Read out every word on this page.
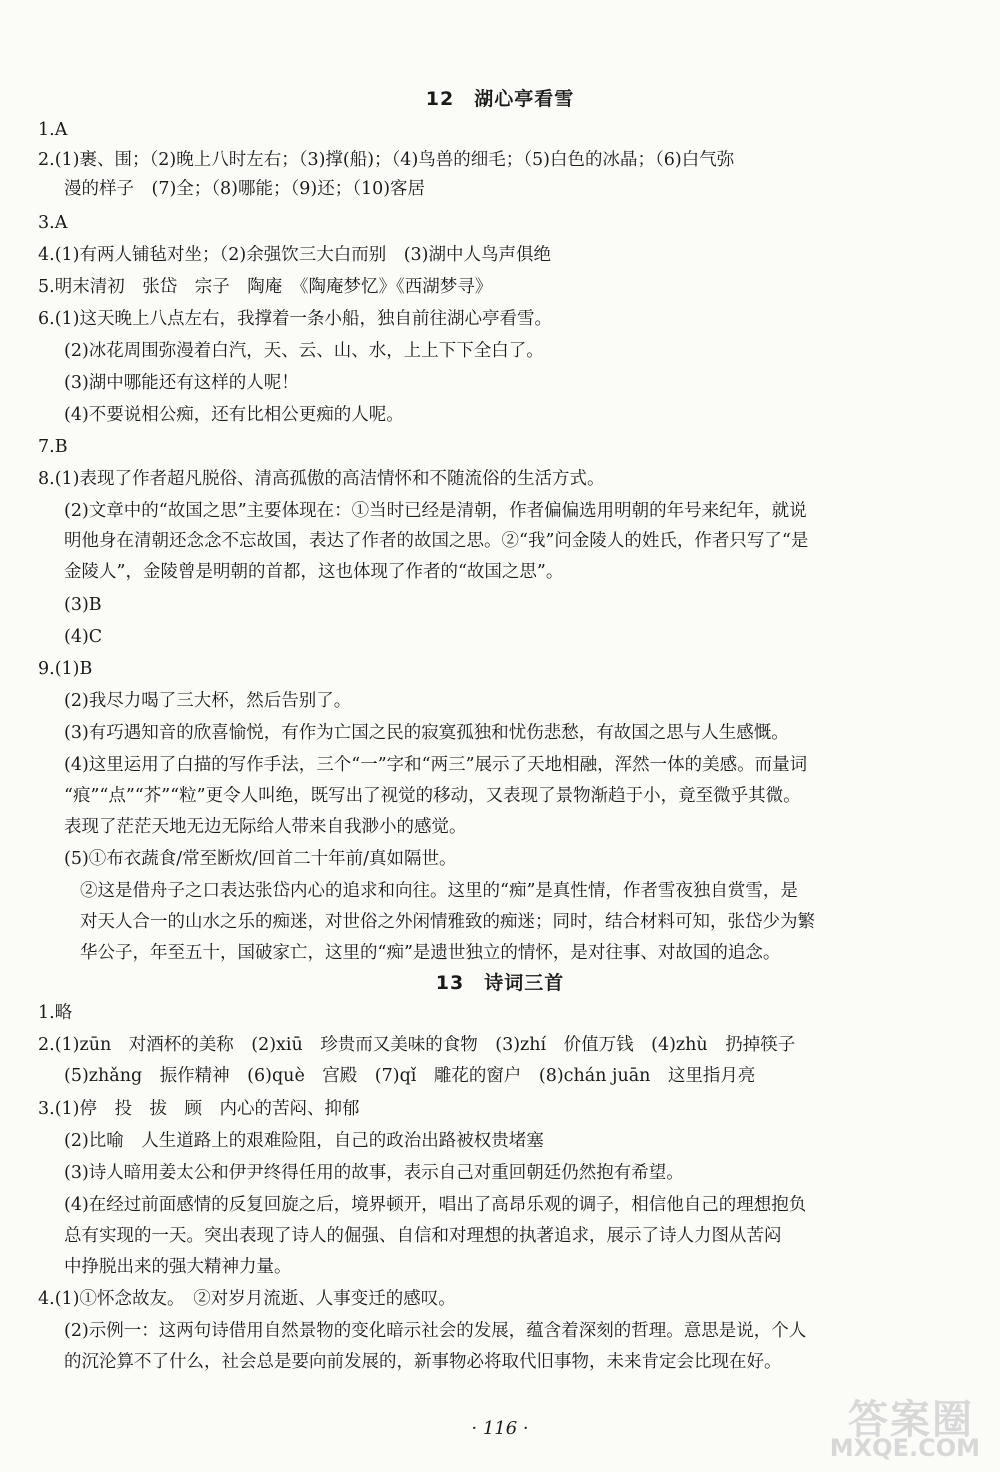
12　湖心亭看雪
1.A
2.(1)裹、围；（2)晚上八时左右；（3)撑(船)；（4)鸟兽的细毛；（5)白色的冰晶；（6)白气弥
漫的样子　(7)全；（8)哪能；（9)还；（10)客居
3.A
4.(1)有两人铺毡对坐；（2)余强饮三大白而别　(3)湖中人鸟声俱绝
5.明末清初　张岱　宗子　陶庵　《陶庵梦忆》《西湖梦寻》
6.(1)这天晚上八点左右，我撑着一条小船，独自前往湖心亭看雪。
(2)冰花周围弥漫着白汽，天、云、山、水，上上下下全白了。
(3)湖中哪能还有这样的人呢！
(4)不要说相公痴，还有比相公更痴的人呢。
7.B
8.(1)表现了作者超凡脱俗、清高孤傲的高洁情怀和不随流俗的生活方式。
(2)文章中的“故国之思”主要体现在：①当时已经是清朝，作者偏偏选用明朝的年号来纪年，就说
明他身在清朝还念念不忘故国，表达了作者的故国之思。②“我”问金陵人的姓氏，作者只写了“是
金陵人”，金陵曾是明朝的首都，这也体现了作者的“故国之思”。
(3)B
(4)C
9.(1)B
(2)我尽力喝了三大杯，然后告别了。
(3)有巧遇知音的欣喜愉悦，有作为亡国之民的寂寞孤独和忧伤悲愁，有故国之思与人生感慨。
(4)这里运用了白描的写作手法，三个“一”字和“两三”展示了天地相融，浑然一体的美感。而量词
“痕”“点”“芥”“粒”更令人叫绝，既写出了视觉的移动，又表现了景物渐趋于小，竟至微乎其微。
表现了茫茫天地无边无际给人带来自我渺小的感觉。
(5)①布衣蔬食/常至断炊/回首二十年前/真如隔世。
②这是借舟子之口表达张岱内心的追求和向往。这里的“痴”是真性情，作者雪夜独自赏雪，是
对天人合一的山水之乐的痴迷，对世俗之外闲情雅致的痴迷；同时，结合材料可知，张岱少为繁
华公子，年至五十，国破家亡，这里的“痴”是遗世独立的情怀，是对往事、对故国的追念。
13　诗词三首
1.略
2.(1)zūn　对酒杯的美称　(2)xiū　珍贵而又美味的食物　(3)zhí　价值万钱　(4)zhù　扔掉筷子
(5)zhǎng　振作精神　(6)què　宫殿　(7)qǐ　雕花的窗户　(8)chán juān　这里指月亮
3.(1)停　投　拔　顾　内心的苦闷、抑郁
(2)比喻　人生道路上的艰难险阻，自己的政治出路被权贵堵塞
(3)诗人暗用姜太公和伊尹终得任用的故事，表示自己对重回朝廷仍然抱有希望。
(4)在经过前面感情的反复回旋之后，境界顿开，唱出了高昂乐观的调子，相信他自己的理想抱负
总有实现的一天。突出表现了诗人的倔强、自信和对理想的执著追求，展示了诗人力图从苦闷
中挣脱出来的强大精神力量。
4.(1)①怀念故友。　②对岁月流逝、人事变迁的感叹。
(2)示例一：这两句诗借用自然景物的变化暗示社会的发展，蕴含着深刻的哲理。意思是说，个人
的沉沦算不了什么，社会总是要向前发展的，新事物必将取代旧事物，未来肯定会比现在好。
· 116 ·	答案圈
MXQE.COM
